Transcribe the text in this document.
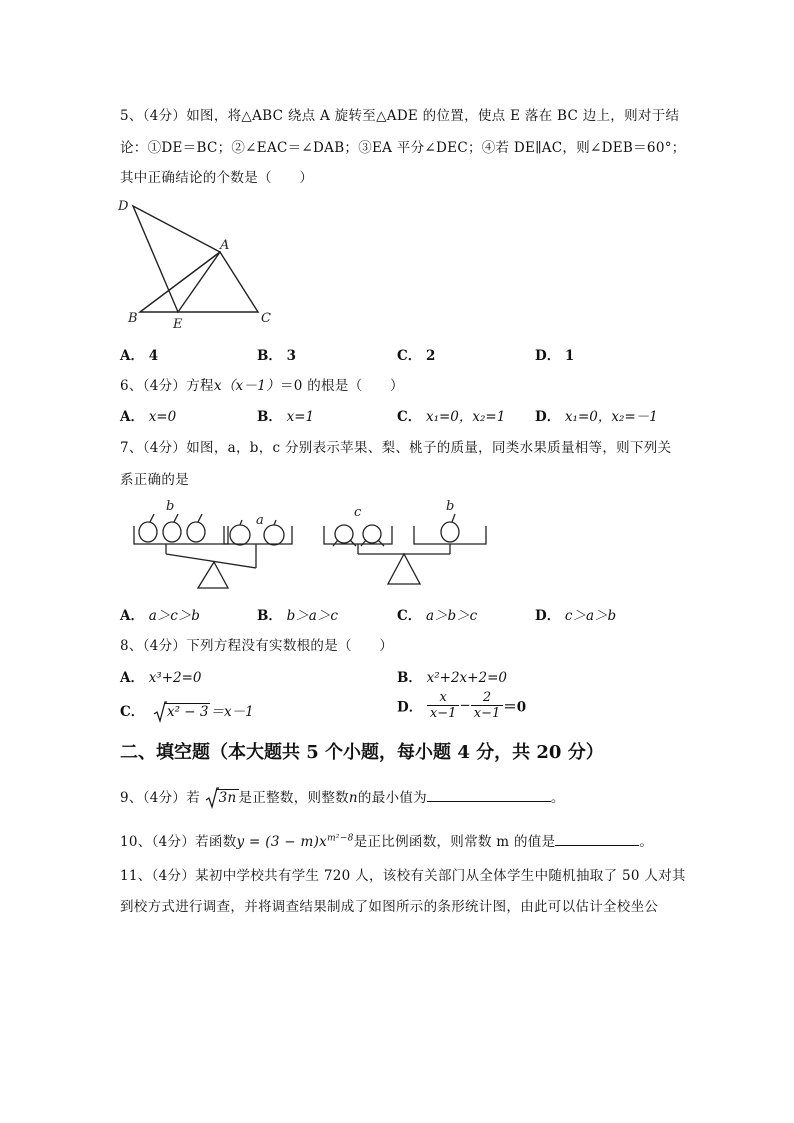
5、（4分）如图，将△ABC 绕点 A 旋转至△ADE 的位置，使点 E 落在 BC 边上，则对于结
论：①DE＝BC；②∠EAC＝∠DAB；③EA 平分∠DEC；④若 DE∥AC，则∠DEB＝60°；
其中正确结论的个数是（　　）
D
A
B	E	C
A． 4	B． 3	C． 2	D． 1
6、（4分）方程x（x－1）＝0 的根是（　　）
A． x=0	B． x=1	C． x₁=0，x₂=1 D． x₁=0，x₂=－1
7、（4分）如图，a，b，c 分别表示苹果、梨、桃子的质量，同类水果质量相等，则下列关
系正确的是
b
a
c	b
A． a＞c＞b	B． b＞a＞c	C． a＞b＞c	D． c＞a＞b
8、（4分）下列方程没有实数根的是（　　）
A． x³+2=0	B． x²+2x+2=0
C． x² − 3 ＝x－1	D． $\frac{x}{x-1} - \frac{2}{x-1} =0$
二、填空题（本大题共 5 个小题，每小题 4 分，共 20 分）
9、（4分）若 3n 是正整数，则整数n的最小值为	。
10、（4分）若函数$y = (3 - m)x^{m^2-8}$是正比例函数，则常数 m 的值是	。
11、（4分）某初中学校共有学生 720 人，该校有关部门从全体学生中随机抽取了 50 人对其
到校方式进行调查，并将调查结果制成了如图所示的条形统计图，由此可以估计全校坐公
